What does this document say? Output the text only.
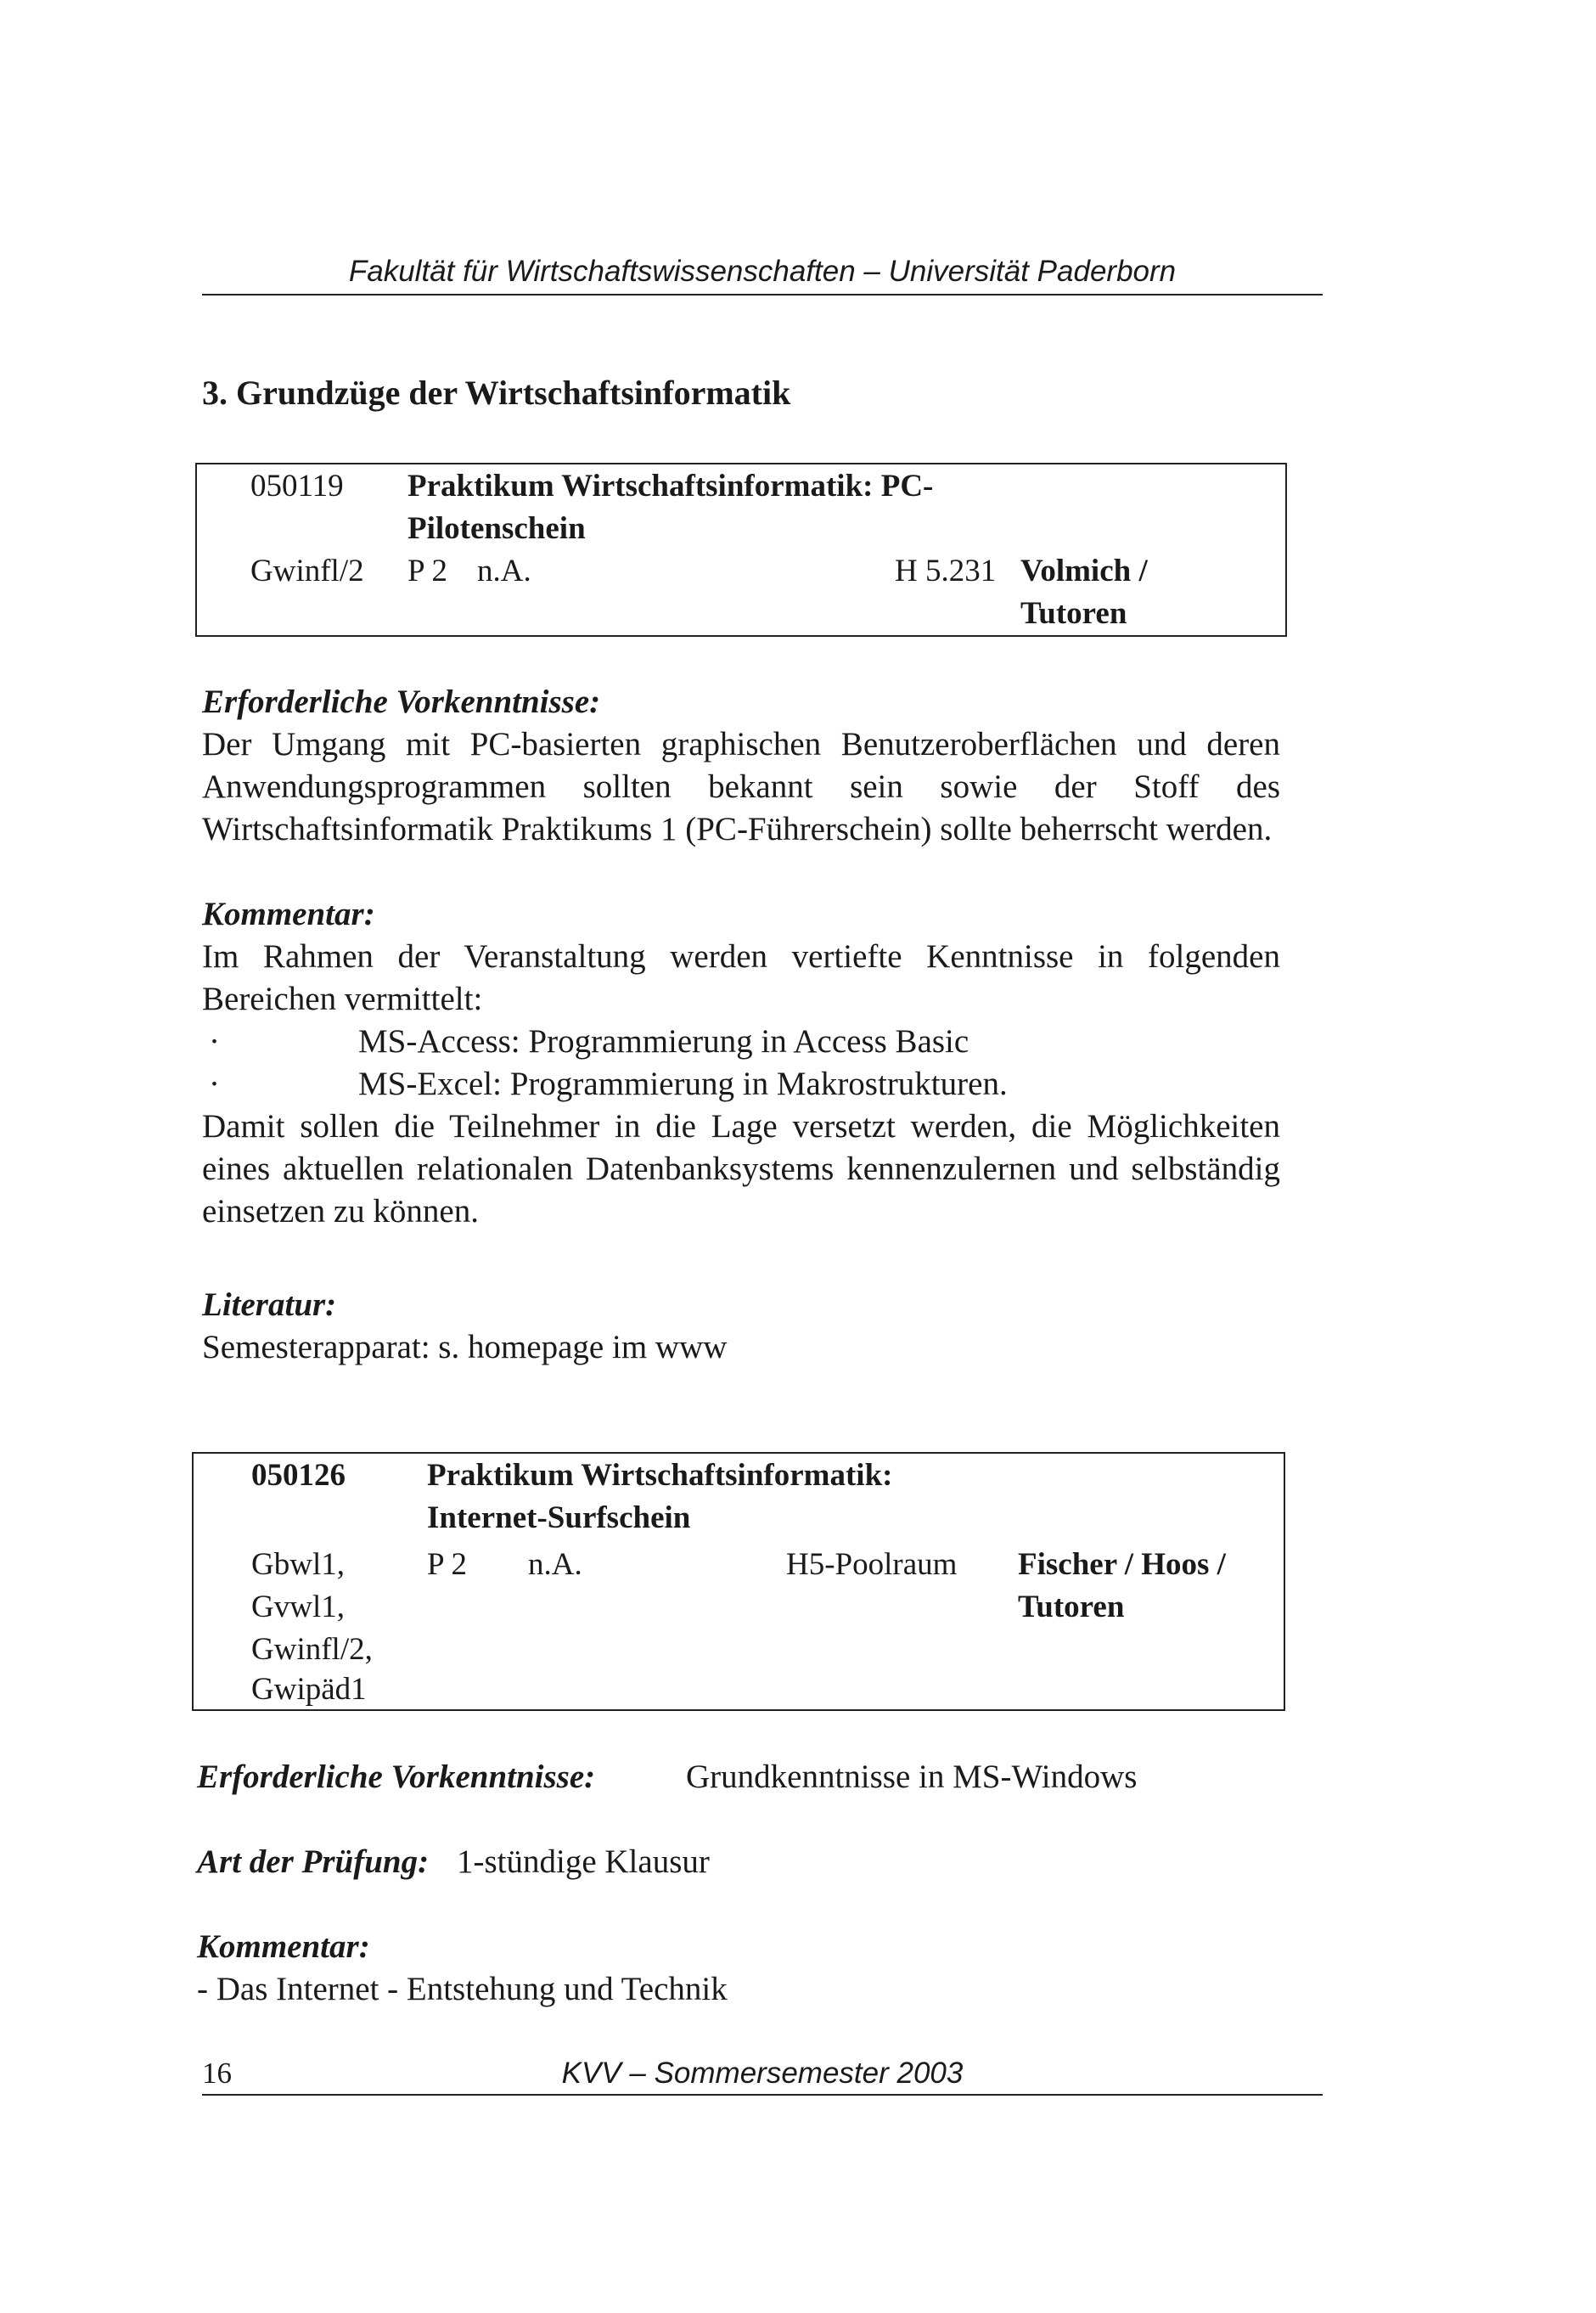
Fakultät für Wirtschaftswissenschaften – Universität Paderborn
3. Grundzüge der Wirtschaftsinformatik
050119 Praktikum Wirtschaftsinformatik: PC-
Pilotenschein
Gwinfl/2 P 2 n.A.	H 5.231 Volmich /
Tutoren
Erforderliche Vorkenntnisse:
Der Umgang mit PC-basierten graphischen Benutzeroberflächen und deren
Anwendungsprogrammen sollten bekannt sein sowie der Stoff des
Wirtschaftsinformatik Praktikums 1 (PC-Führerschein) sollte beherrscht werden.
Kommentar:
Im Rahmen der Veranstaltung werden vertiefte Kenntnisse in folgenden
Bereichen vermittelt:
·	MS-Access: Programmierung in Access Basic
·	MS-Excel: Programmierung in Makrostrukturen.
Damit sollen die Teilnehmer in die Lage versetzt werden, die Möglichkeiten
eines aktuellen relationalen Datenbanksystems kennenzulernen und selbständig
einsetzen zu können.
Literatur:
Semesterapparat: s. homepage im www
050126	Praktikum Wirtschaftsinformatik:
Internet-Surfschein
Gbwl1,
Gvwl1,
Gwinfl/2,
Gwipäd1
P 2 n.A.	H5-Poolraum Fischer / Hoos /
Tutoren
Erforderliche Vorkenntnisse:	Grundkenntnisse in MS-Windows
Art der Prüfung: 1-stündige Klausur
Kommentar:
- Das Internet - Entstehung und Technik
16	KVV – Sommersemester 2003
